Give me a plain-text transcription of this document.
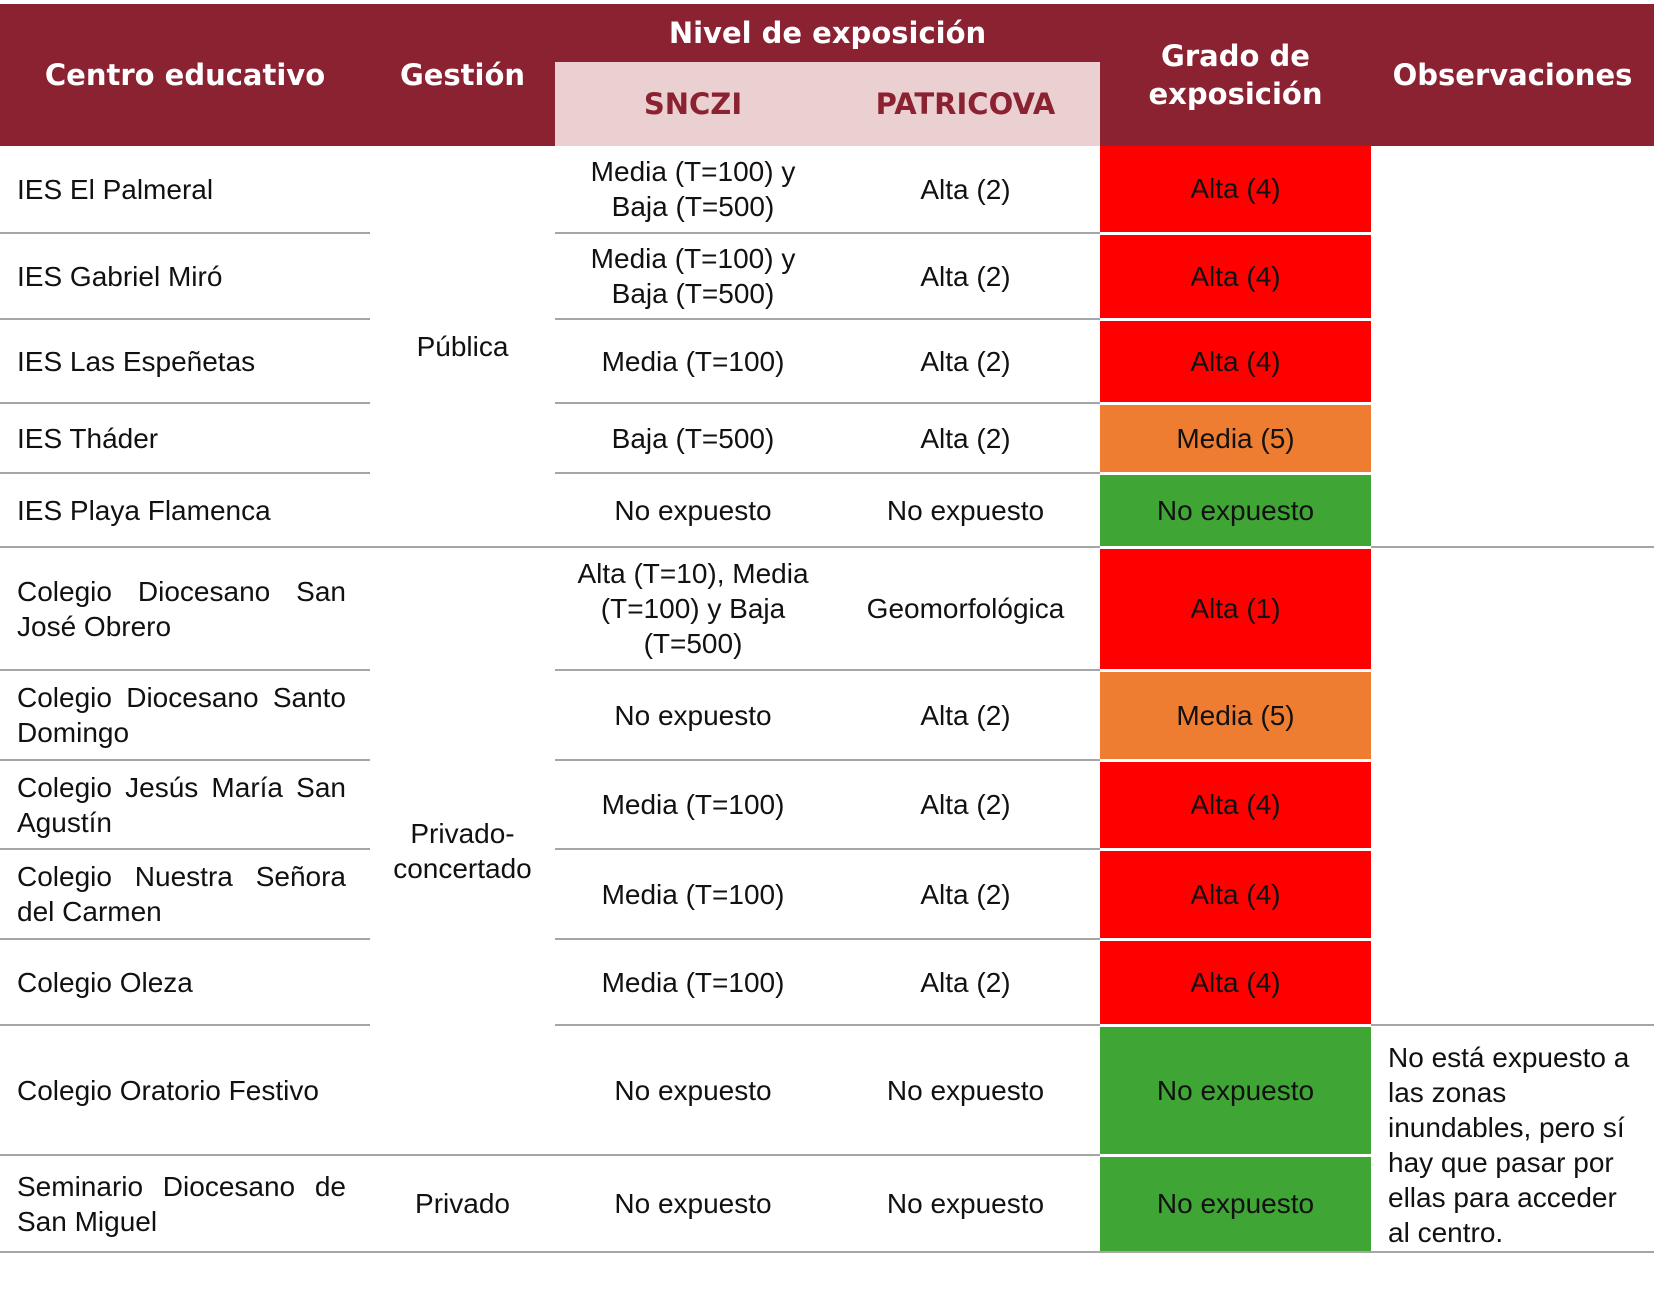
Centro educativo	Gestión	Nivel de exposición		Grado de exposición	Observaciones
		SNCZI	PATRICOVA		
IES El Palmeral	Pública	Media (T=100) y Baja (T=500)	Alta (2)	Alta (4)	
IES Gabriel Miró		Media (T=100) y Baja (T=500)	Alta (2)	Alta (4)	
IES Las Espeñetas		Media (T=100)	Alta (2)	Alta (4)	
IES Tháder		Baja (T=500)	Alta (2)	Media (5)	
IES Playa Flamenca		No expuesto	No expuesto	No expuesto	
Colegio Diocesano San José Obrero	Privado-concertado	Alta (T=10), Media (T=100) y Baja (T=500)	Geomorfológica	Alta (1)	
Colegio Diocesano Santo Domingo		No expuesto	Alta (2)	Media (5)	
Colegio Jesús María San Agustín		Media (T=100)	Alta (2)	Alta (4)	
Colegio Nuestra Señora del Carmen		Media (T=100)	Alta (2)	Alta (4)	
Colegio Oleza		Media (T=100)	Alta (2)	Alta (4)	
Colegio Oratorio Festivo		No expuesto	No expuesto	No expuesto	No está expuesto a las zonas inundables, pero sí hay que pasar por ellas para acceder al centro.
Seminario Diocesano de San Miguel	Privado	No expuesto	No expuesto	No expuesto	
